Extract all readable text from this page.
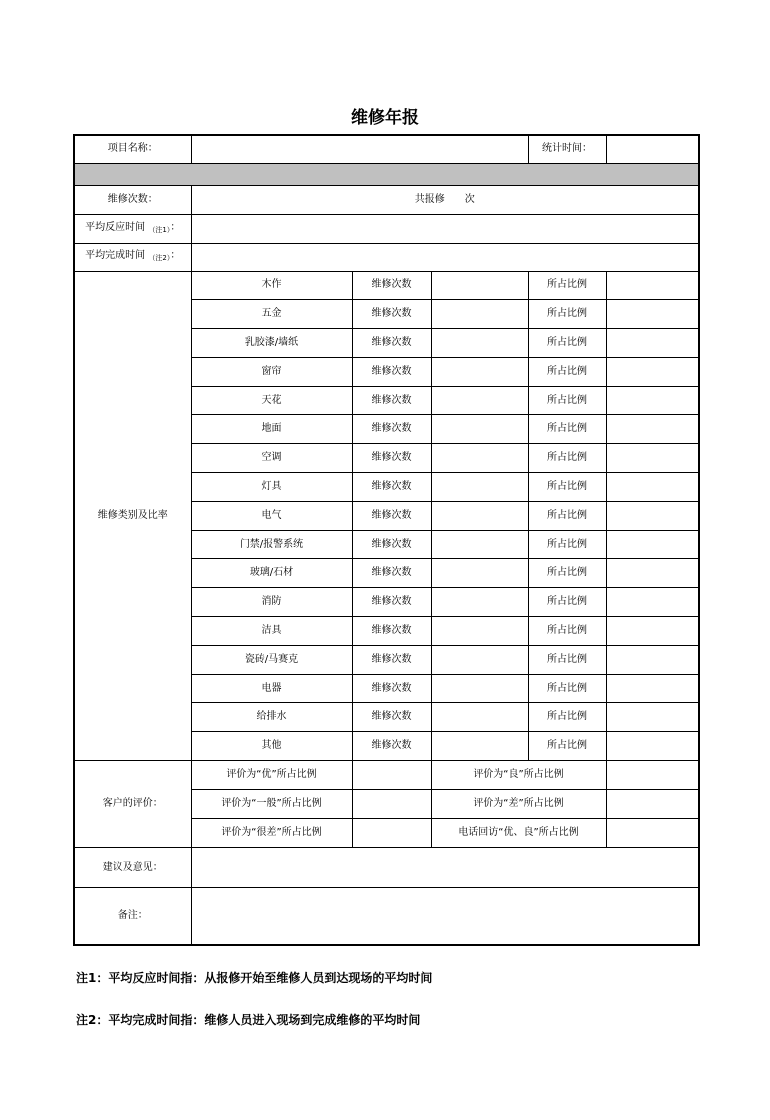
维修年报
项目名称：				统计时间：	

维修次数：	共报修 次				
平均反应时间 $_{(注1)}$：					
平均完成时间 $_{(注2)}$：					
维修类别及比率	木作	维修次数		所占比例	
	五金	维修次数		所占比例	
	乳胶漆/墙纸	维修次数		所占比例	
	窗帘	维修次数		所占比例	
	天花	维修次数		所占比例	
	地面	维修次数		所占比例	
	空调	维修次数		所占比例	
	灯具	维修次数		所占比例	
	电气	维修次数		所占比例	
	门禁/报警系统	维修次数		所占比例	
	玻璃/石材	维修次数		所占比例	
	消防	维修次数		所占比例	
	洁具	维修次数		所占比例	
	瓷砖/马赛克	维修次数		所占比例	
	电器	维修次数		所占比例	
	给排水	维修次数		所占比例	
	其他	维修次数		所占比例	
客户的评价：	评价为“优”所占比例		评价为“良”所占比例		
	评价为“一般”所占比例		评价为“差”所占比例		
	评价为“很差”所占比例		电话回访“优、良”所占比例		
建议及意见：					
备注：					
注1：平均反应时间指：从报修开始至维修人员到达现场的平均时间
注2：平均完成时间指：维修人员进入现场到完成维修的平均时间
